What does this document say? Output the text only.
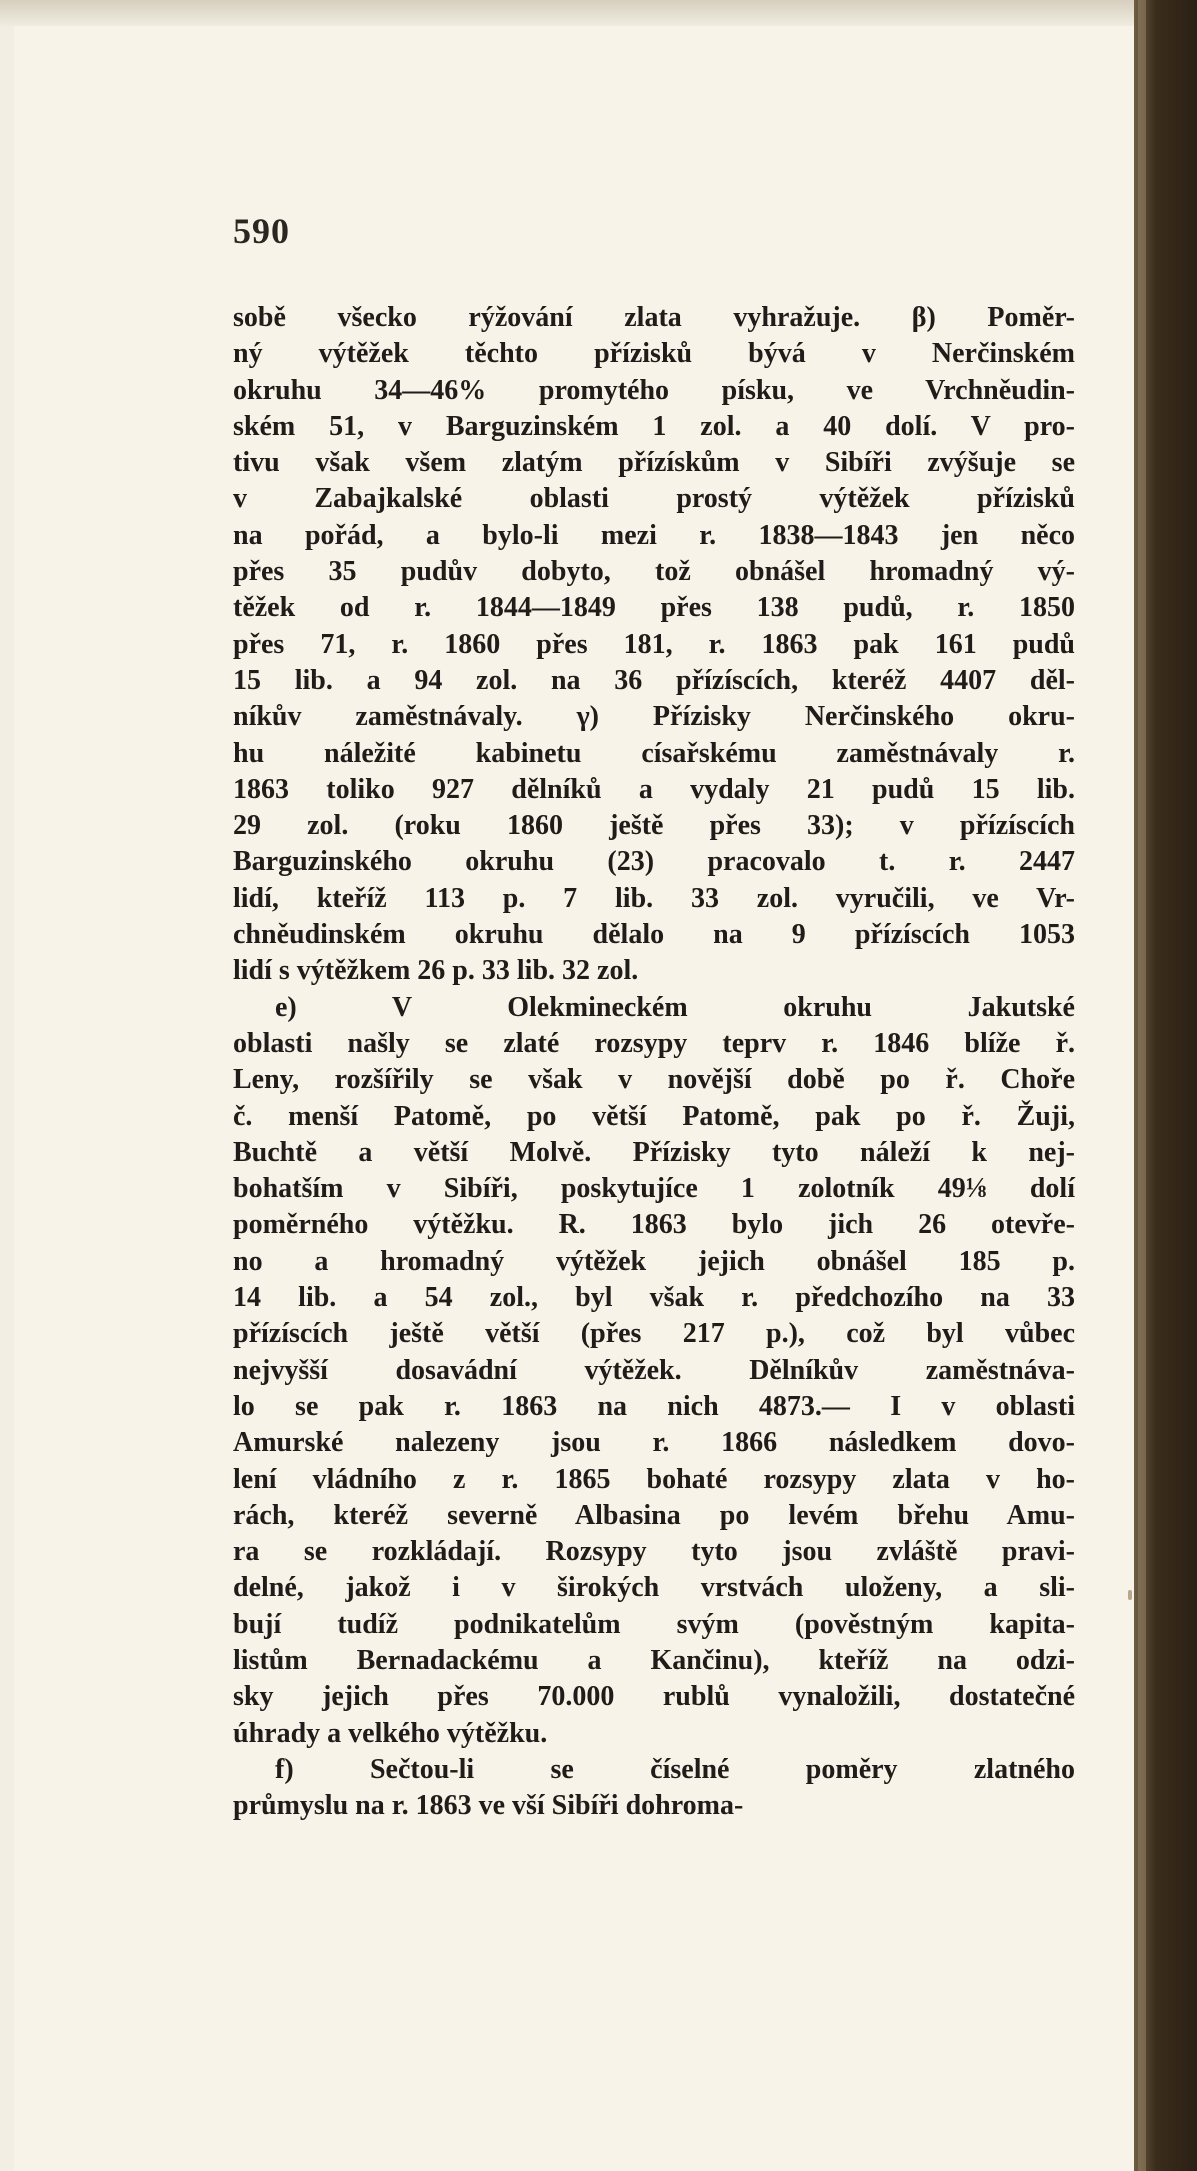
590
sobě všecko rýžování zlata vyhražuje. β) Poměr-
ný výtěžek těchto přízisků bývá v Nerčinském
okruhu 34—46% promytého písku, ve Vrchněudin-
ském 51, v Barguzinském 1 zol. a 40 dolí. V pro-
tivu však všem zlatým přízískům v Sibíři zvýšuje se
v Zabajkalské oblasti prostý výtěžek přízisků
na pořád, a bylo-li mezi r. 1838—1843 jen něco
přes 35 pudův dobyto, tož obnášel hromadný vý-
těžek od r. 1844—1849 přes 138 pudů, r. 1850
přes 71, r. 1860 přes 181, r. 1863 pak 161 pudů
15 lib. a 94 zol. na 36 přízíscích, kteréž 4407 děl-
níkův zaměstnávaly. γ) Přízisky Nerčinského okru-
hu náležité kabinetu císařskému zaměstnávaly r.
1863 toliko 927 dělníků a vydaly 21 pudů 15 lib.
29 zol. (roku 1860 ještě přes 33); v přízíscích
Barguzinského okruhu (23) pracovalo t. r. 2447
lidí, kteříž 113 p. 7 lib. 33 zol. vyručili, ve Vr-
chněudinském okruhu dělalo na 9 přízíscích 1053
lidí s výtěžkem 26 p. 33 lib. 32 zol.
e) V Olekmineckém okruhu Jakutské
oblasti našly se zlaté rozsypy teprv r. 1846 blíže ř.
Leny, rozšířily se však v novější době po ř. Choře
č. menší Patomě, po větší Patomě, pak po ř. Žuji,
Buchtě a větší Molvě. Přízisky tyto náleží k nej-
bohatším v Sibíři, poskytujíce 1 zolotník 49⅛ dolí
poměrného výtěžku. R. 1863 bylo jich 26 otevře-
no a hromadný výtěžek jejich obnášel 185 p.
14 lib. a 54 zol., byl však r. předchozího na 33
přízíscích ještě větší (přes 217 p.), což byl vůbec
nejvyšší dosavádní výtěžek. Dělníkův zaměstnáva-
lo se pak r. 1863 na nich 4873.— I v oblasti
Amurské nalezeny jsou r. 1866 následkem dovo-
lení vládního z r. 1865 bohaté rozsypy zlata v ho-
rách, kteréž severně Albasina po levém břehu Amu-
ra se rozkládají. Rozsypy tyto jsou zvláště pravi-
delné, jakož i v širokých vrstvách uloženy, a sli-
bují tudíž podnikatelům svým (pověstným kapita-
listům Bernadackému a Kančinu), kteříž na odzi-
sky jejich přes 70.000 rublů vynaložili, dostatečné
úhrady a velkého výtěžku.
f) Sečtou-li se číselné poměry zlatného
průmyslu na r. 1863 ve vší Sibíři dohroma-
